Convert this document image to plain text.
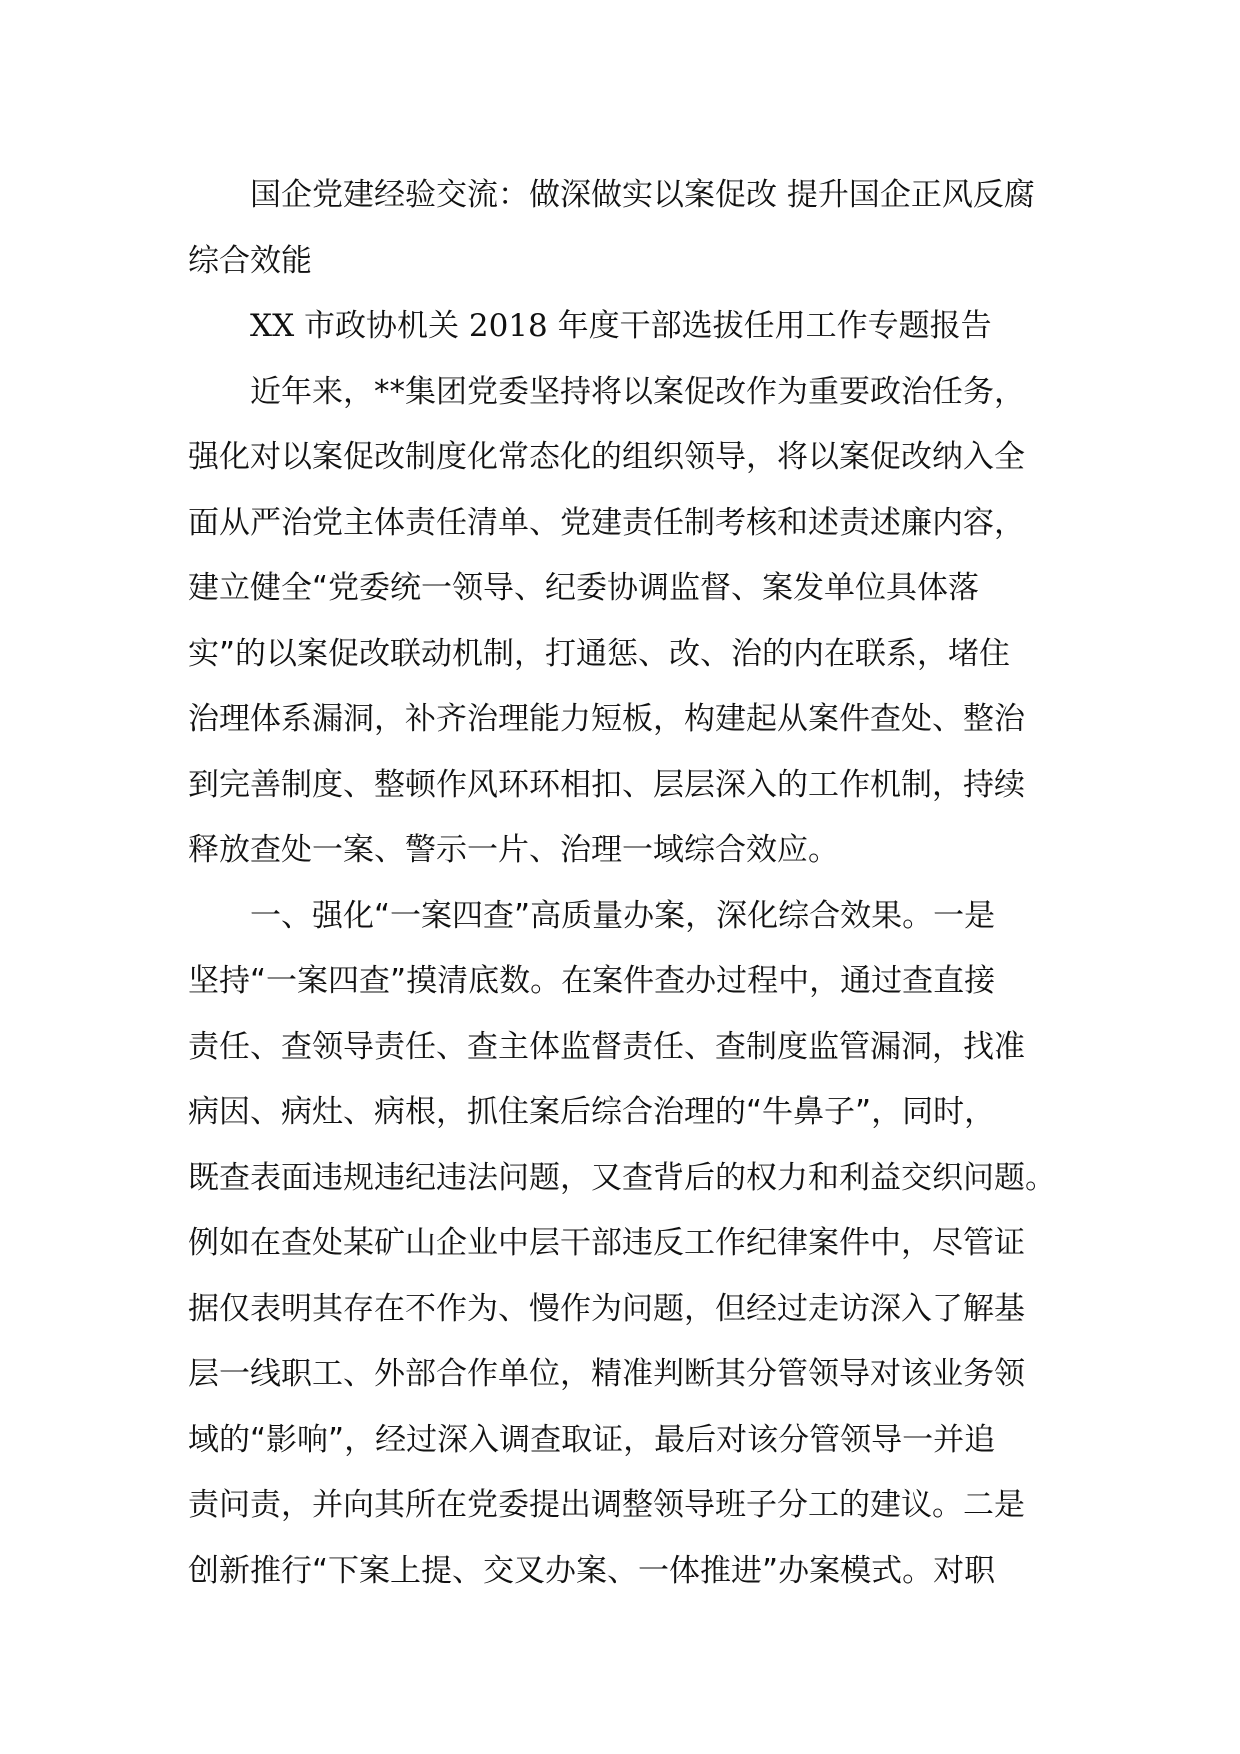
国企党建经验交流：做深做实以案促改 提升国企正风反腐
综合效能
XX 市政协机关 2018 年度干部选拔任用工作专题报告
近年来，**集团党委坚持将以案促改作为重要政治任务，
强化对以案促改制度化常态化的组织领导，将以案促改纳入全
面从严治党主体责任清单、党建责任制考核和述责述廉内容，
建立健全“党委统一领导、纪委协调监督、案发单位具体落
实”的以案促改联动机制，打通惩、改、治的内在联系，堵住
治理体系漏洞，补齐治理能力短板，构建起从案件查处、整治
到完善制度、整顿作风环环相扣、层层深入的工作机制，持续
释放查处一案、警示一片、治理一域综合效应。
一、强化“一案四查”高质量办案，深化综合效果。一是
坚持“一案四查”摸清底数。在案件查办过程中，通过查直接
责任、查领导责任、查主体监督责任、查制度监管漏洞，找准
病因、病灶、病根，抓住案后综合治理的“牛鼻子”，同时，
既查表面违规违纪违法问题，又查背后的权力和利益交织问题。
例如在查处某矿山企业中层干部违反工作纪律案件中，尽管证
据仅表明其存在不作为、慢作为问题，但经过走访深入了解基
层一线职工、外部合作单位，精准判断其分管领导对该业务领
域的“影响”，经过深入调查取证，最后对该分管领导一并追
责问责，并向其所在党委提出调整领导班子分工的建议。二是
创新推行“下案上提、交叉办案、一体推进”办案模式。对职
